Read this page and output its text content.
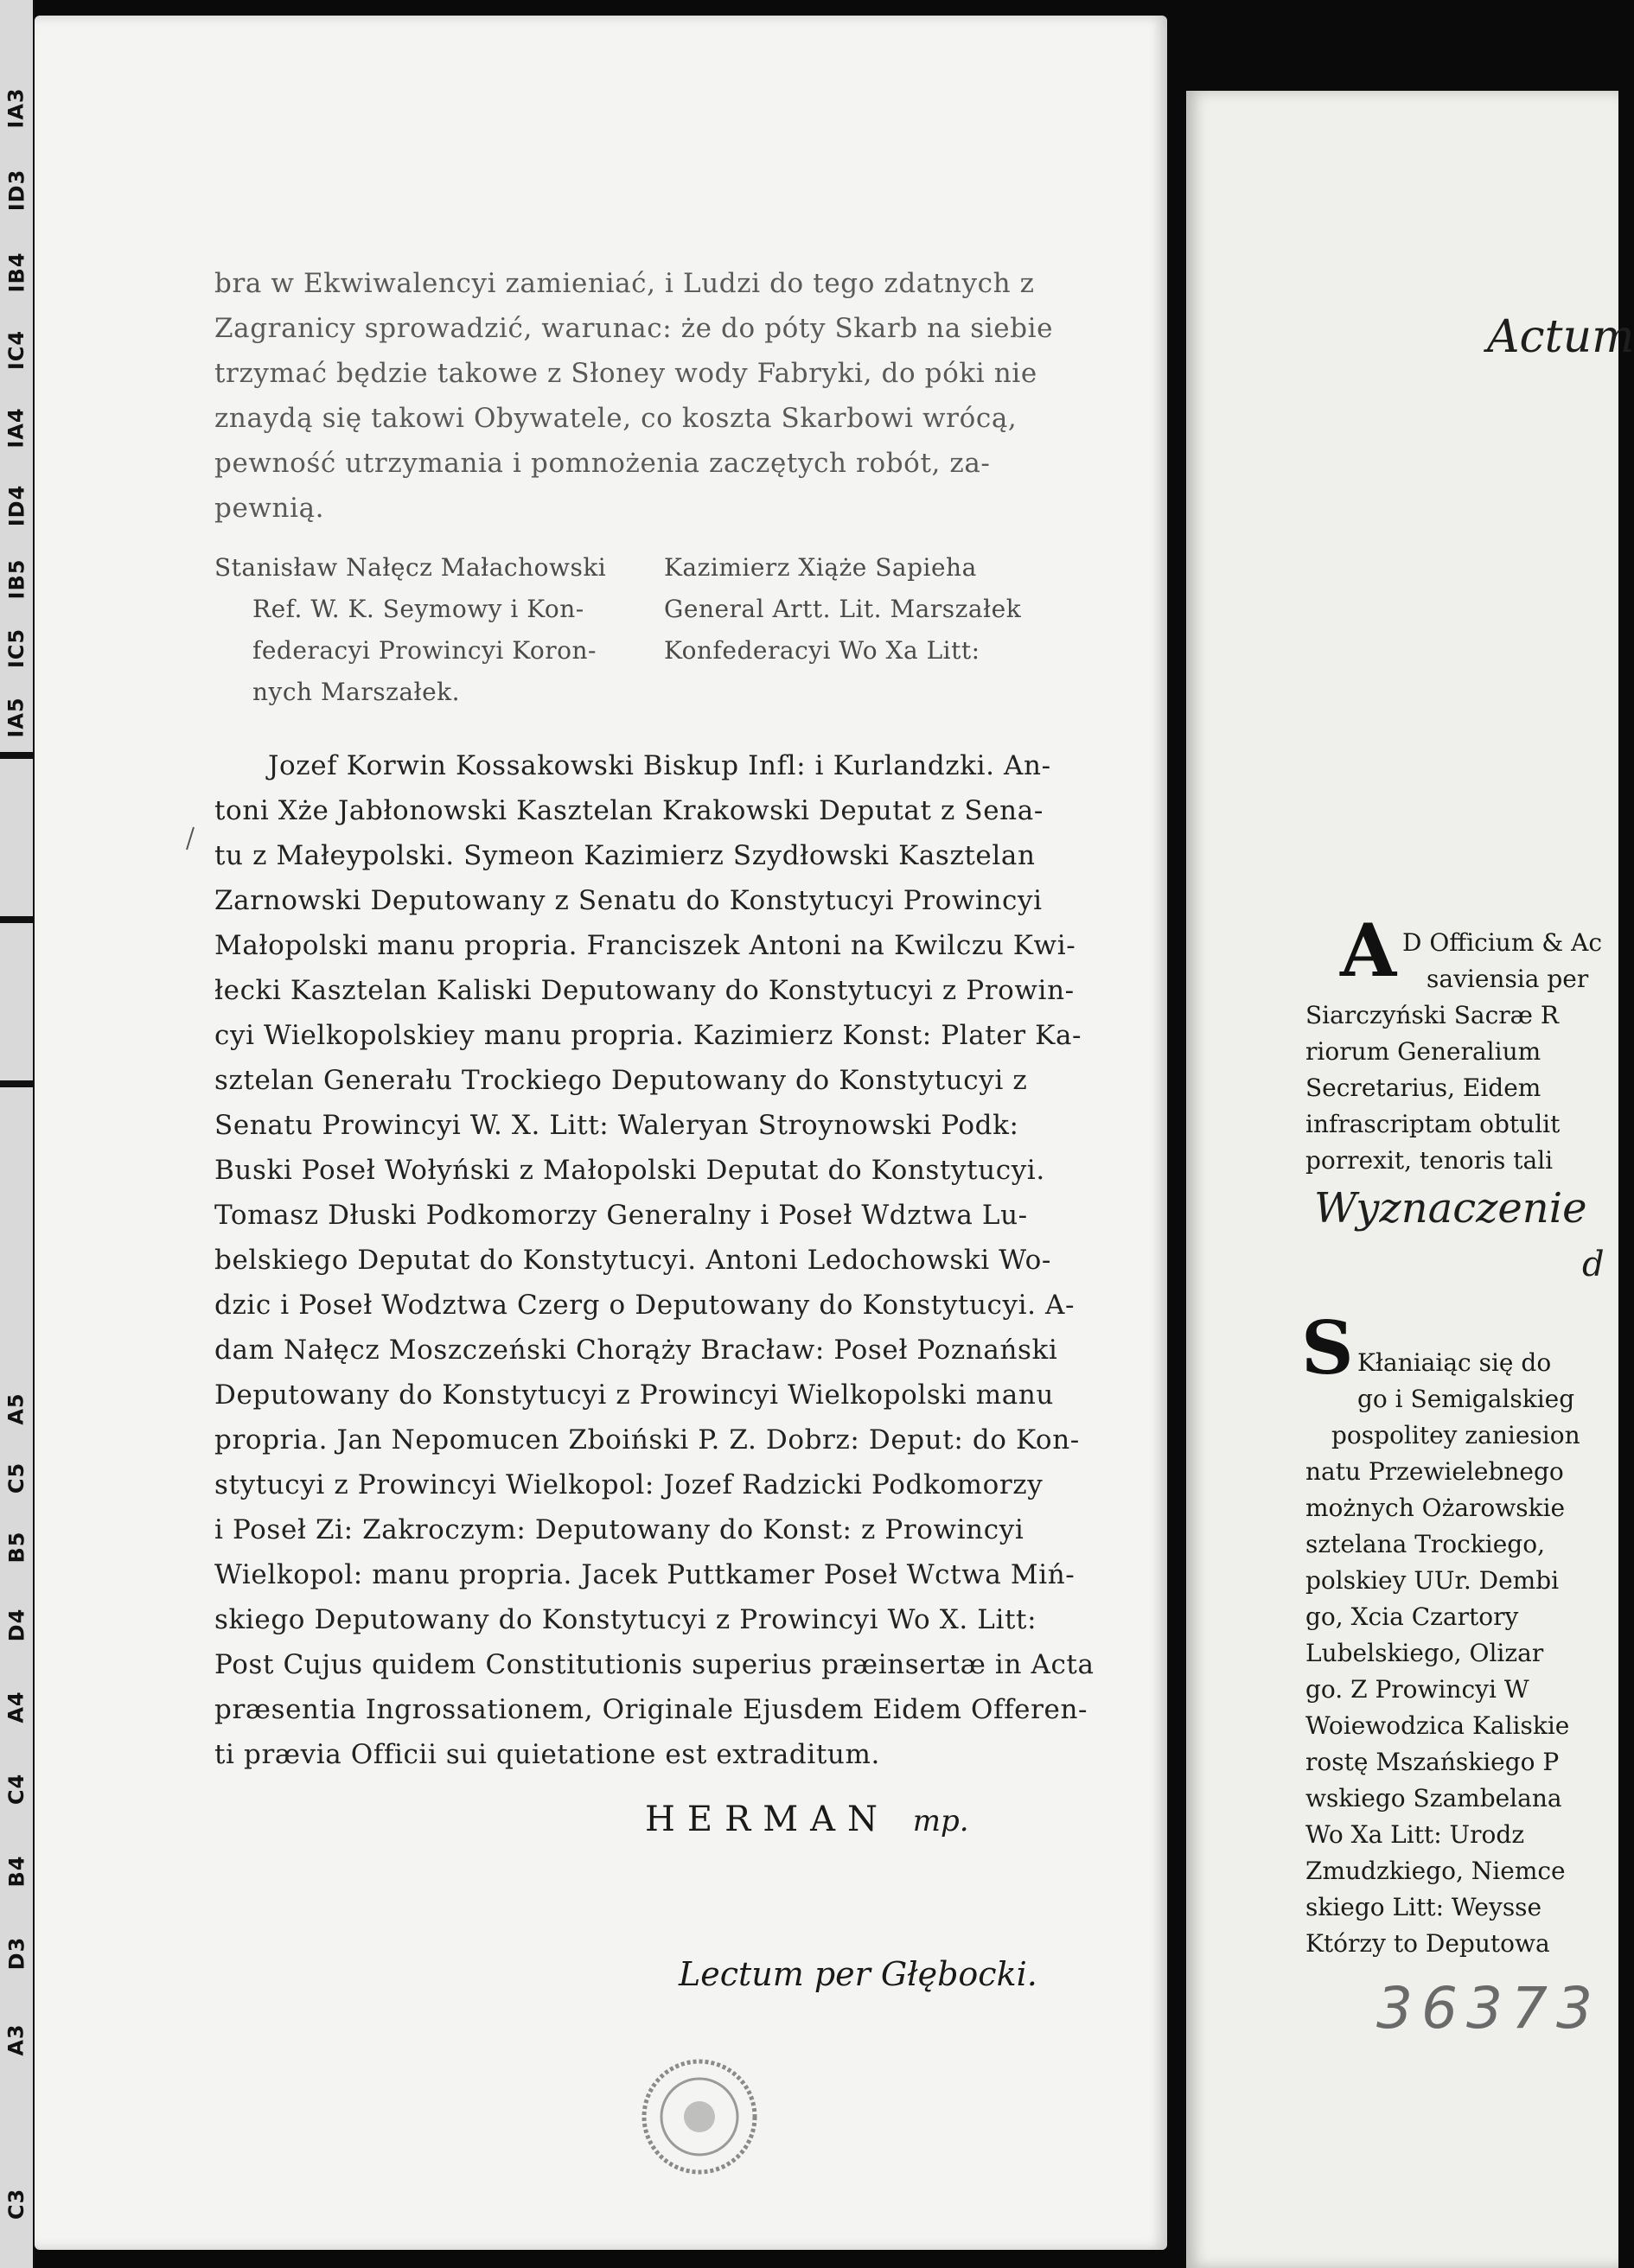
IA3
ID3
IB4
IC4
IA4
ID4
IB5
IC5
IA5
A5
C5
B5
D4
A4
C4
B4
D3
A3
C3
bra w Ekwiwalencyi zamieniać, i Ludzi do tego zdatnych z
Zagranicy sprowadzić, warunac: że do póty Skarb na siebie
trzymać będzie takowe z Słoney wody Fabryki, do póki nie
znaydą się takowi Obywatele, co koszta Skarbowi wrócą,
pewność utrzymania i pomnożenia zaczętych robót, za-
pewnią.
Stanisław Nałęcz Małachowski
Ref. W. K. Seymowy i Kon-
federacyi Prowincyi Koron-
nych Marszałek.
Kazimierz Xiąże Sapieha
General Artt. Lit. Marszałek
Konfederacyi Wo Xa Litt:
Jozef Korwin Kossakowski Biskup Infl: i Kurlandzki. An-
toni Xże Jabłonowski Kasztelan Krakowski Deputat z Sena-
tu z Małeypolski. Symeon Kazimierz Szydłowski Kasztelan
Zarnowski Deputowany z Senatu do Konstytucyi Prowincyi
Małopolski manu propria. Franciszek Antoni na Kwilczu Kwi-
łecki Kasztelan Kaliski Deputowany do Konstytucyi z Prowin-
cyi Wielkopolskiey manu propria. Kazimierz Konst: Plater Ka-
sztelan Generału Trockiego Deputowany do Konstytucyi z
Senatu Prowincyi W. X. Litt: Waleryan Stroynowski Podk:
Buski Poseł Wołyński z Małopolski Deputat do Konstytucyi.
Tomasz Dłuski Podkomorzy Generalny i Poseł Wdztwa Lu-
belskiego Deputat do Konstytucyi. Antoni Ledochowski Wo-
dzic i Poseł Wodztwa Czerg o Deputowany do Konstytucyi. A-
dam Nałęcz Moszczeński Chorąży Bracław: Poseł Poznański
Deputowany do Konstytucyi z Prowincyi Wielkopolski manu
propria. Jan Nepomucen Zboiński P. Z. Dobrz: Deput: do Kon-
stytucyi z Prowincyi Wielkopol: Jozef Radzicki Podkomorzy
i Poseł Zi: Zakroczym: Deputowany do Konst: z Prowincyi
Wielkopol: manu propria. Jacek Puttkamer Poseł Wctwa Miń-
skiego Deputowany do Konstytucyi z Prowincyi Wo X. Litt:
Post Cujus quidem Constitutionis superius præinsertæ in Acta
præsentia Ingrossationem, Originale Ejusdem Eidem Offeren-
ti prævia Officii sui quietatione est extraditum.
HERMAN mp.
Lectum per Głębocki.
Actum
A D Officium & Ac
saviensia per
Siarczyński Sacræ R
riorum Generalium
Secretarius, Eidem
infrascriptam obtulit
porrexit, tenoris tali
Wyznaczenie
d
S Kłaniaiąc się do
go i Semigalskieg
pospolitey zaniesion
natu Przewielebnego
możnych Ożarowskie
sztelana Trockiego,
polskiey UUr. Dembi
go, Xcia Czartory
Lubelskiego, Olizar
go. Z Prowincyi W
Woiewodzica Kaliskie
rostę Mszańskiego P
wskiego Szambelana
Wo Xa Litt: Urodz
Zmudzkiego, Niemce
skiego Litt: Weysse
Którzy to Deputowa
36373
